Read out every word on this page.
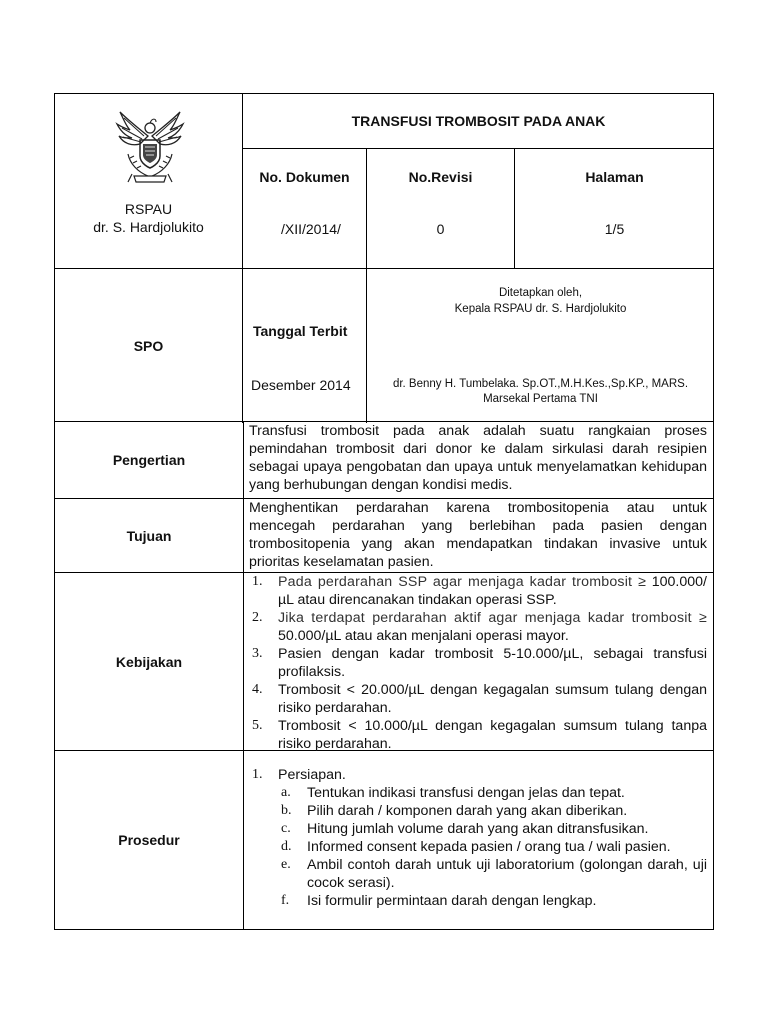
RSPAU
dr. S. Hardjolukito
TRANSFUSI TROMBOSIT PADA ANAK
No. Dokumen
/XII/2014/
No.Revisi
0
Halaman
1/5
SPO
Tanggal Terbit
Desember 2014
Ditetapkan oleh,
Kepala RSPAU dr. S. Hardjolukito
dr. Benny H. Tumbelaka. Sp.OT.,M.H.Kes.,Sp.KP., MARS.
Marsekal Pertama TNI
Pengertian
Transfusi trombosit pada anak adalah suatu rangkaian proses pemindahan trombosit dari donor ke dalam sirkulasi darah resipien sebagai upaya pengobatan dan upaya untuk menyelamatkan kehidupan yang berhubungan dengan kondisi medis.
Tujuan
Menghentikan perdarahan karena trombositopenia atau untuk mencegah perdarahan yang berlebihan pada pasien dengan trombositopenia yang akan mendapatkan tindakan invasive untuk prioritas keselamatan pasien.
Kebijakan
1. Pada perdarahan SSP agar menjaga kadar trombosit ≥ 100.000/µL atau direncanakan tindakan operasi SSP.
2. Jika terdapat perdarahan aktif agar menjaga kadar trombosit ≥ 50.000/µL atau akan menjalani operasi mayor.
3. Pasien dengan kadar trombosit 5-10.000/µL, sebagai transfusi profilaksis.
4. Trombosit < 20.000/µL dengan kegagalan sumsum tulang dengan risiko perdarahan.
5. Trombosit < 10.000/µL dengan kegagalan sumsum tulang tanpa risiko perdarahan.
Prosedur
1. Persiapan.
a. Tentukan indikasi transfusi dengan jelas dan tepat.
b. Pilih darah / komponen darah yang akan diberikan.
c. Hitung jumlah volume darah yang akan ditransfusikan.
d. Informed consent kepada pasien / orang tua / wali pasien.
e. Ambil contoh darah untuk uji laboratorium (golongan darah, uji cocok serasi).
f. Isi formulir permintaan darah dengan lengkap.
